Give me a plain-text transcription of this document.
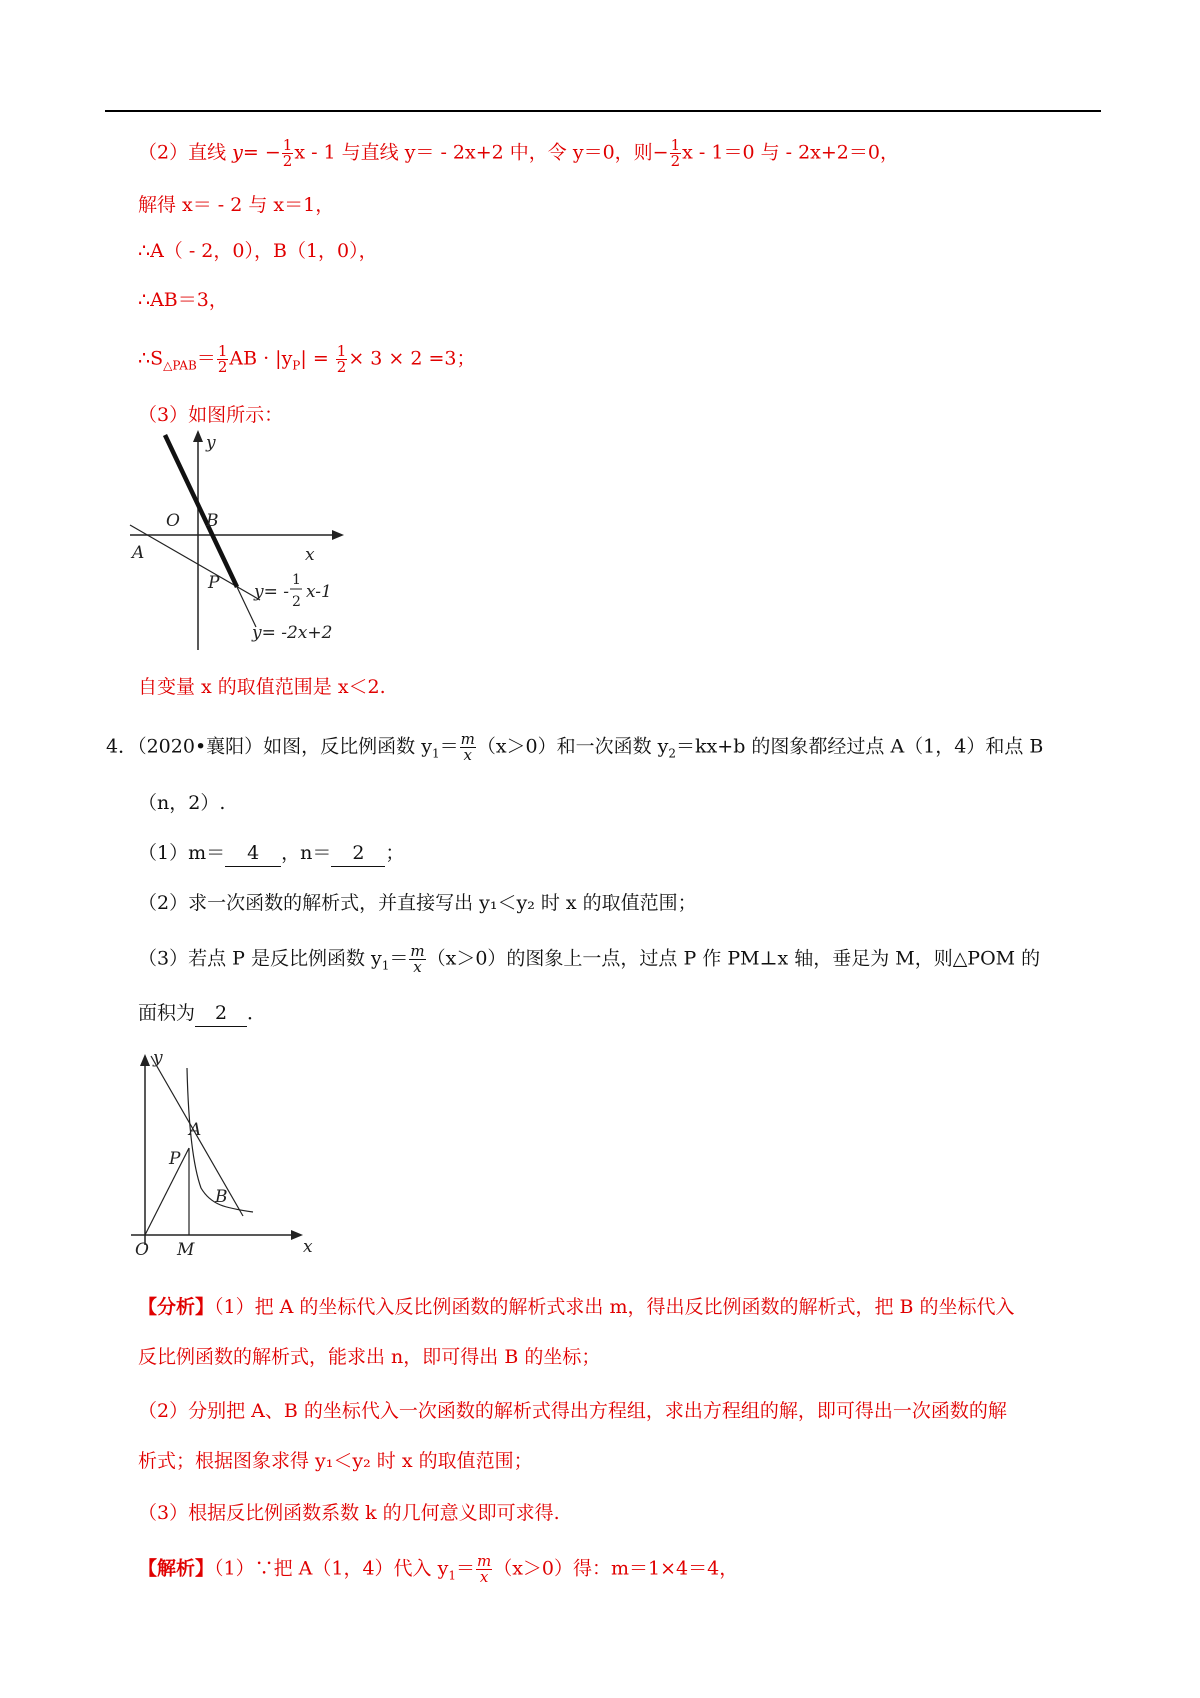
（2）直线 $y= - \frac{1}{2}$ x - 1 与直线 y＝ - 2x+2 中，令 y＝0，则− $\frac{1}{2}$ x - 1＝0 与 - 2x+2＝0，
解得 x＝ - 2 与 x＝1，
∴A（ - 2，0），B（1，0），
∴AB＝3，
$\therefore S_{\triangle PAB}= \frac{1}{2}$ AB · $|y_P| = \frac{1}{2} \times 3 \times 2 =3$；
（3）如图所示：
y
x
O B
A
P y= -
1
2 x-1
y= -2x+2
自变量 x 的取值范围是 x＜2.
4．（2020•襄阳）如图，反比例函数 $y_1= \frac{m}{x} (x>0)$和一次函数 $y_2=kx+b$ 的图象都经过点 A（1，4）和点 B
（n，2）.
（1）m＝ 4 ，n＝ 2 ；
（2）求一次函数的解析式，并直接写出 y₁＜y₂ 时 x 的取值范围；
（3）若点 P 是反比例函数 $y_1= \frac{m}{x} (x>0)$的图象上一点，过点 P 作 PM⊥x 轴，垂足为 M，则△POM 的
面积为 2 ．
y
x
A
P
B
O M
【分析】（1）把 A 的坐标代入反比例函数的解析式求出 m，得出反比例函数的解析式，把 B 的坐标代入
反比例函数的解析式，能求出 n，即可得出 B 的坐标；
（2）分别把 A、B 的坐标代入一次函数的解析式得出方程组，求出方程组的解，即可得出一次函数的解
析式；根据图象求得 y₁＜y₂ 时 x 的取值范围；
（3）根据反比例函数系数 k 的几何意义即可求得.
【解析】（1）∵把 A（1，4）代入 $y_1= \frac{m}{x} (x>0)$得：m＝1×4＝4，
